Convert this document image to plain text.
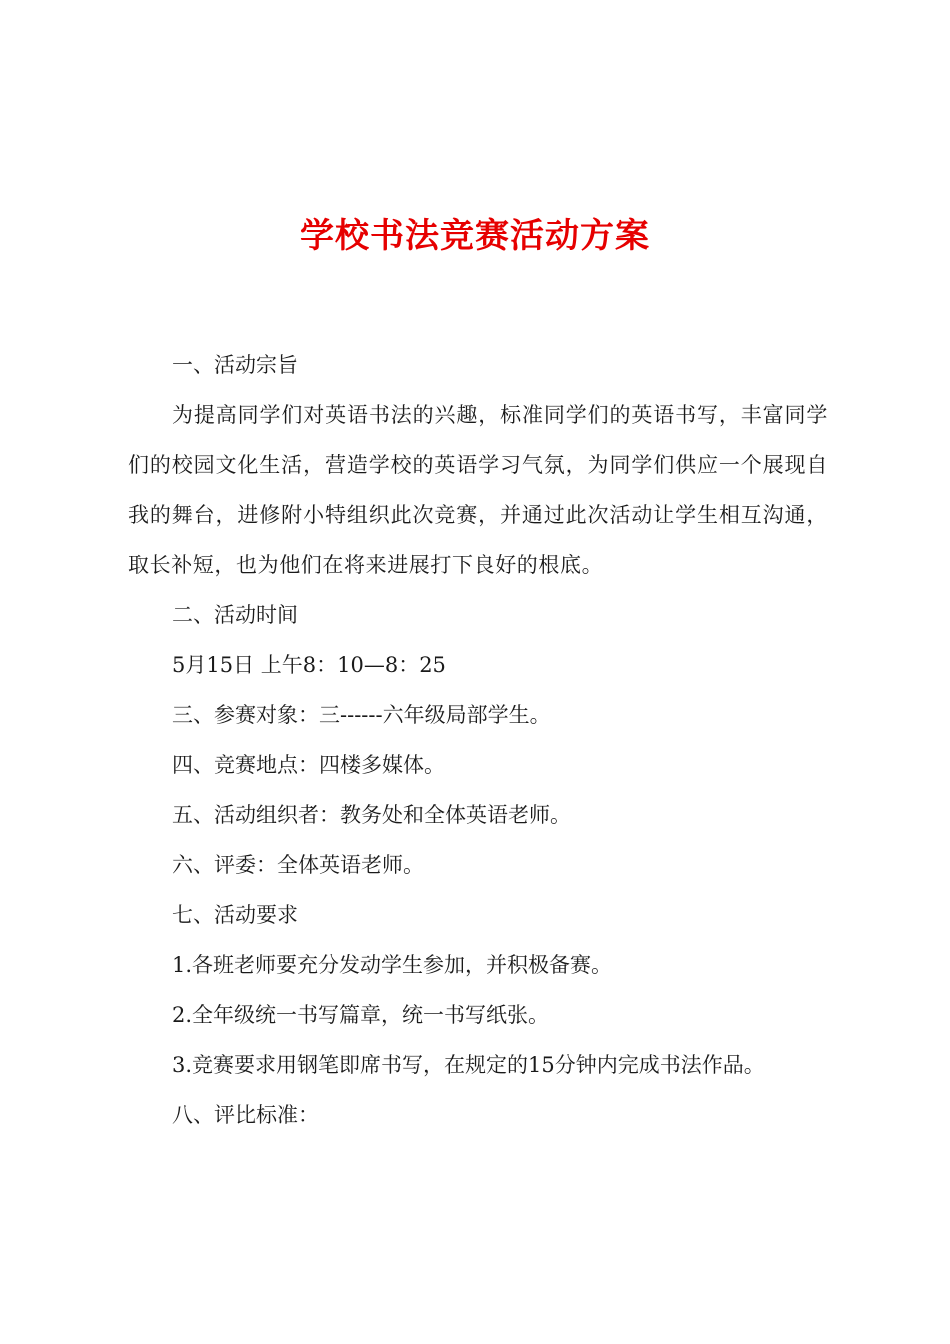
学校书法竞赛活动方案
一、活动宗旨
为提高同学们对英语书法的兴趣，标准同学们的英语书写，丰富同学们的校园文化生活，营造学校的英语学习气氛，为同学们供应一个展现自我的舞台，进修附小特组织此次竞赛，并通过此次活动让学生相互沟通，取长补短，也为他们在将来进展打下良好的根底。
二、活动时间
5月15日 上午8：10—8：25
三、参赛对象：三------六年级局部学生。
四、竞赛地点：四楼多媒体。
五、活动组织者：教务处和全体英语老师。
六、评委：全体英语老师。
七、活动要求
1.各班老师要充分发动学生参加，并积极备赛。
2.全年级统一书写篇章，统一书写纸张。
3.竞赛要求用钢笔即席书写，在规定的15分钟内完成书法作品。
八、评比标准：
